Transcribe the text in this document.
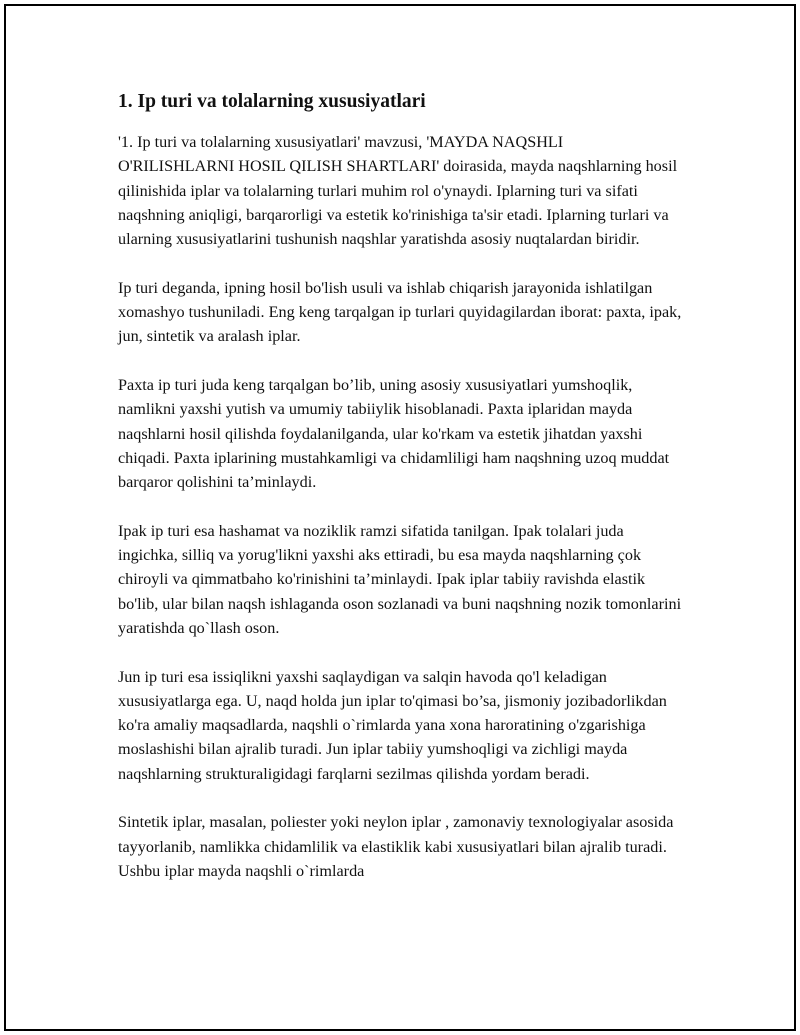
1. Ip turi va tolalarning xususiyatlari

'1. Ip turi va tolalarning xususiyatlari' mavzusi, 'MAYDA NAQSHLI O'RILISHLARNI HOSIL QILISH SHARTLARI' doirasida, mayda naqshlarning hosil qilinishida iplar va tolalarning turlari muhim rol o'ynaydi. Iplarning turi va sifati naqshning aniqligi, barqarorligi va estetik ko'rinishiga ta'sir etadi. Iplarning turlari va ularning xususiyatlarini tushunish naqshlar yaratishda asosiy nuqtalardan biridir.

Ip turi deganda, ipning hosil bo'lish usuli va ishlab chiqarish jarayonida ishlatilgan xomashyo tushuniladi. Eng keng tarqalgan ip turlari quyidagilardan iborat: paxta, ipak, jun, sintetik va aralash iplar.

Paxta ip turi juda keng tarqalgan bo’lib, uning asosiy xususiyatlari yumshoqlik, namlikni yaxshi yutish va umumiy tabiiylik hisoblanadi. Paxta iplaridan mayda naqshlarni hosil qilishda foydalanilganda, ular ko'rkam va estetik jihatdan yaxshi chiqadi. Paxta iplarining mustahkamligi va chidamliligi ham naqshning uzoq muddat barqaror qolishini ta’minlaydi.

Ipak ip turi esa hashamat va noziklik ramzi sifatida tanilgan. Ipak tolalari juda ingichka, silliq va yorug'likni yaxshi aks ettiradi, bu esa mayda naqshlarning çok chiroyli va qimmatbaho ko'rinishini ta’minlaydi. Ipak iplar tabiiy ravishda elastik bo'lib, ular bilan naqsh ishlaganda oson sozlanadi va buni naqshning nozik tomonlarini yaratishda qo`llash oson.

Jun ip turi esa issiqlikni yaxshi saqlaydigan va salqin havoda qo'l keladigan xususiyatlarga ega. U, naqd holda jun iplar to'qimasi bo’sa, jismoniy jozibadorlikdan ko'ra amaliy maqsadlarda, naqshli o`rimlarda yana xona haroratining o'zgarishiga moslashishi bilan ajralib turadi. Jun iplar tabiiy yumshoqligi va zichligi mayda naqshlarning strukturaligidagi farqlarni sezilmas qilishda yordam beradi.

Sintetik iplar, masalan, poliester yoki neylon iplar , zamonaviy texnologiyalar asosida tayyorlanib, namlikka chidamlilik va elastiklik kabi xususiyatlari bilan ajralib turadi. Ushbu iplar mayda naqshli o`rimlarda
